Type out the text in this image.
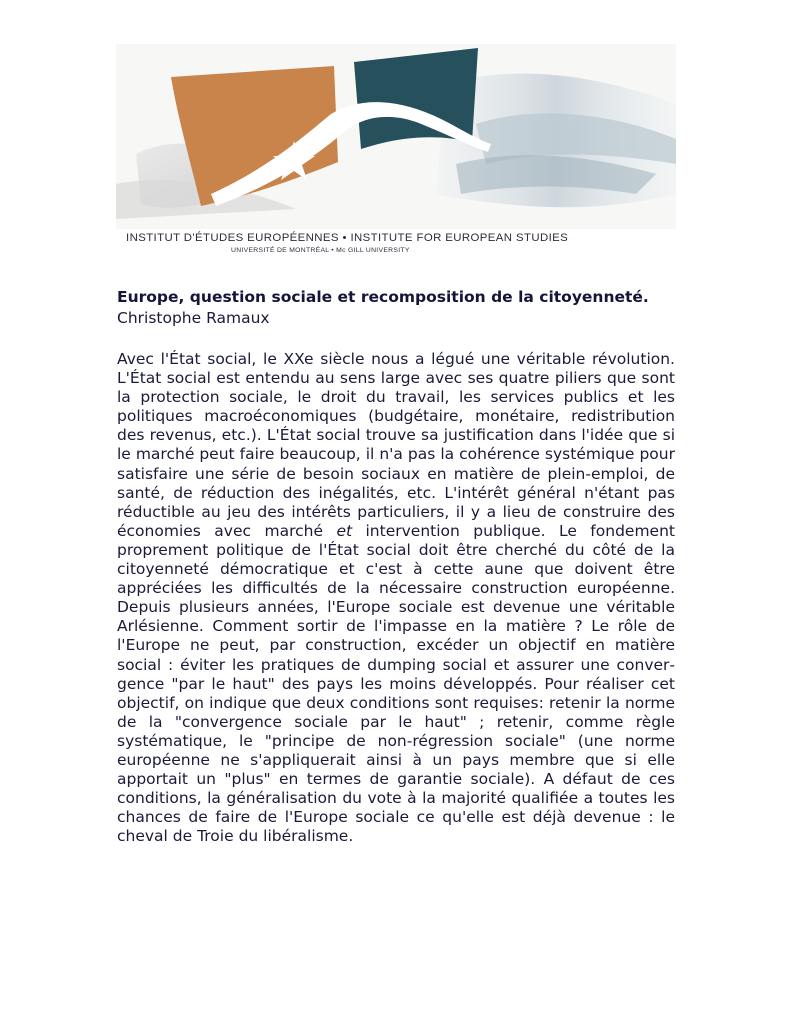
INSTITUT D'ÉTUDES EUROPÉENNES • INSTITUTE FOR EUROPEAN STUDIES
UNIVERSITÉ DE MONTRÉAL • Mc GILL UNIVERSITY

Europe, question sociale et recomposition de la citoyenneté.

Christophe Ramaux

Avec l'État social, le XXe siècle nous a légué une véritable révolution. L'État social est entendu au sens large avec ses quatre piliers que sont la protection sociale, le droit du travail, les services publics et les politiques macroéconomiques (budgétaire, monétaire, redistribution des revenus, etc.). L'État social trouve sa justification dans l'idée que si le marché peut faire beaucoup, il n'a pas la cohérence systémique pour satisfaire une série de besoin sociaux en matière de plein-emploi, de santé, de réduction des inégalités, etc. L'intérêt général n'étant pas réductible au jeu des intérêts particuliers, il y a lieu de construire des économies avec marché et intervention publique. Le fondement proprement politique de l'État social doit être cherché du côté de la citoyenneté démocratique et c'est à cette aune que doivent être appréciées les difficultés de la nécessaire construction européenne. Depuis plusieurs années, l'Europe sociale est devenue une véritable Arlésienne. Comment sortir de l'impasse en la matière ? Le rôle de l'Europe ne peut, par construction, excéder un objectif en matière social : éviter les pratiques de dumping social et assurer une convergence "par le haut" des pays les moins développés. Pour réaliser cet objectif, on indique que deux conditions sont requises: retenir la norme de la "convergence sociale par le haut" ; retenir, comme règle systématique, le "principe de non-régression sociale" (une norme européenne ne s'appliquerait ainsi à un pays membre que si elle apportait un "plus" en termes de garantie sociale). A défaut de ces conditions, la généralisation du vote à la majorité qualifiée a toutes les chances de faire de l'Europe sociale ce qu'elle est déjà devenue : le cheval de Troie du libéralisme.
